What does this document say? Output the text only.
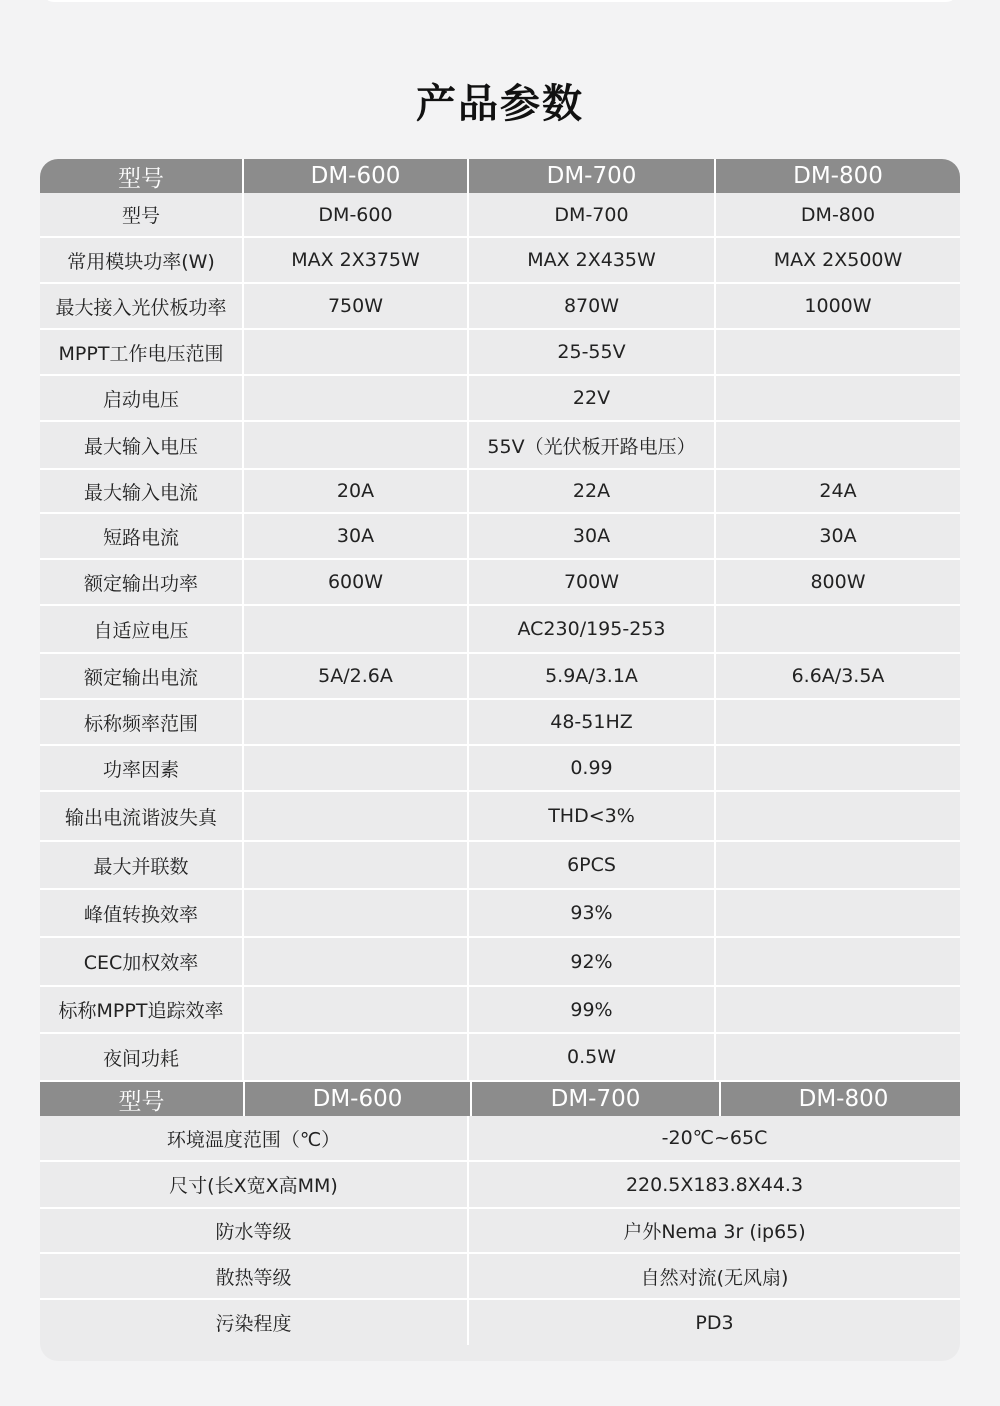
产品参数
型号	DM-600	DM-700	DM-800
型号	DM-600	DM-700	DM-800
常用模块功率(W)	MAX 2X375W	MAX 2X435W	MAX 2X500W
最大接入光伏板功率	750W	870W	1000W
MPPT工作电压范围		25-55V	
启动电压		22V	
最大输入电压		55V（光伏板开路电压）	
最大输入电流	20A	22A	24A
短路电流	30A	30A	30A
额定输出功率	600W	700W	800W
自适应电压		AC230/195-253	
额定输出电流	5A/2.6A	5.9A/3.1A	6.6A/3.5A
标称频率范围		48-51HZ	
功率因素		0.99	
输出电流谐波失真		THD<3%	
最大并联数		6PCS	
峰值转换效率		93%	
CEC加权效率		92%	
标称MPPT追踪效率		99%	
夜间功耗		0.5W	
型号	DM-600	DM-700	DM-800

环境温度范围（℃）	-20℃~65C
尺寸(长X宽X高MM)	220.5X183.8X44.3
防水等级	户外Nema 3r (ip65)
散热等级	自然对流(无风扇)
污染程度	PD3
